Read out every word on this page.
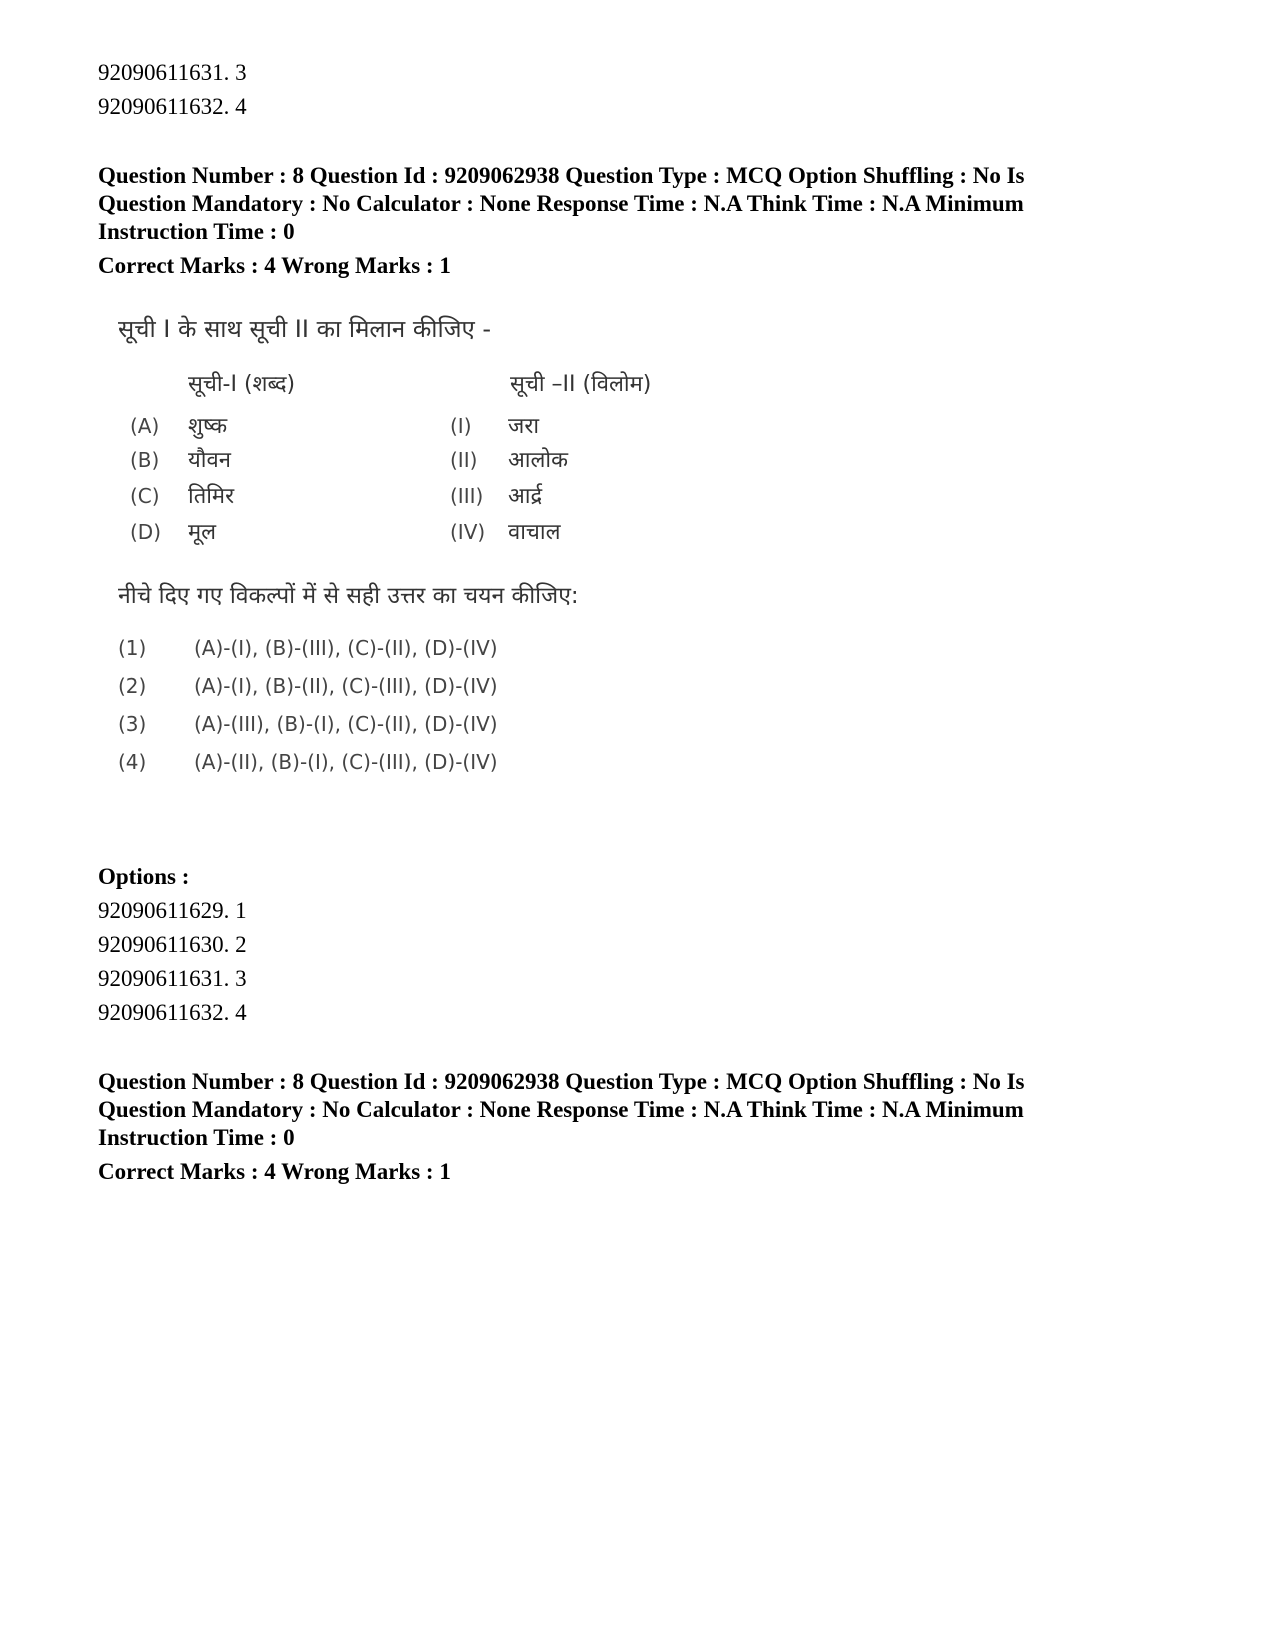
92090611631. 3
92090611632. 4
Question Number : 8 Question Id : 9209062938 Question Type : MCQ Option Shuffling : No Is Question Mandatory : No Calculator : None Response Time : N.A Think Time : N.A Minimum Instruction Time : 0
Correct Marks : 4 Wrong Marks : 1
सूची I के साथ सूची II का मिलान कीजिए -
सूची-I (शब्द)	सूची –II (विलोम)
(A) शुष्क	(I) जरा
(B) यौवन	(II) आलोक
(C) तिमिर	(III) आर्द्र
(D) मूल	(IV) वाचाल
नीचे दिए गए विकल्पों में से सही उत्तर का चयन कीजिए:
(1) (A)-(I), (B)-(III), (C)-(II), (D)-(IV)
(2) (A)-(I), (B)-(II), (C)-(III), (D)-(IV)
(3) (A)-(III), (B)-(I), (C)-(II), (D)-(IV)
(4) (A)-(II), (B)-(I), (C)-(III), (D)-(IV)
Options :
92090611629. 1
92090611630. 2
92090611631. 3
92090611632. 4
Question Number : 8 Question Id : 9209062938 Question Type : MCQ Option Shuffling : No Is Question Mandatory : No Calculator : None Response Time : N.A Think Time : N.A Minimum Instruction Time : 0
Correct Marks : 4 Wrong Marks : 1
